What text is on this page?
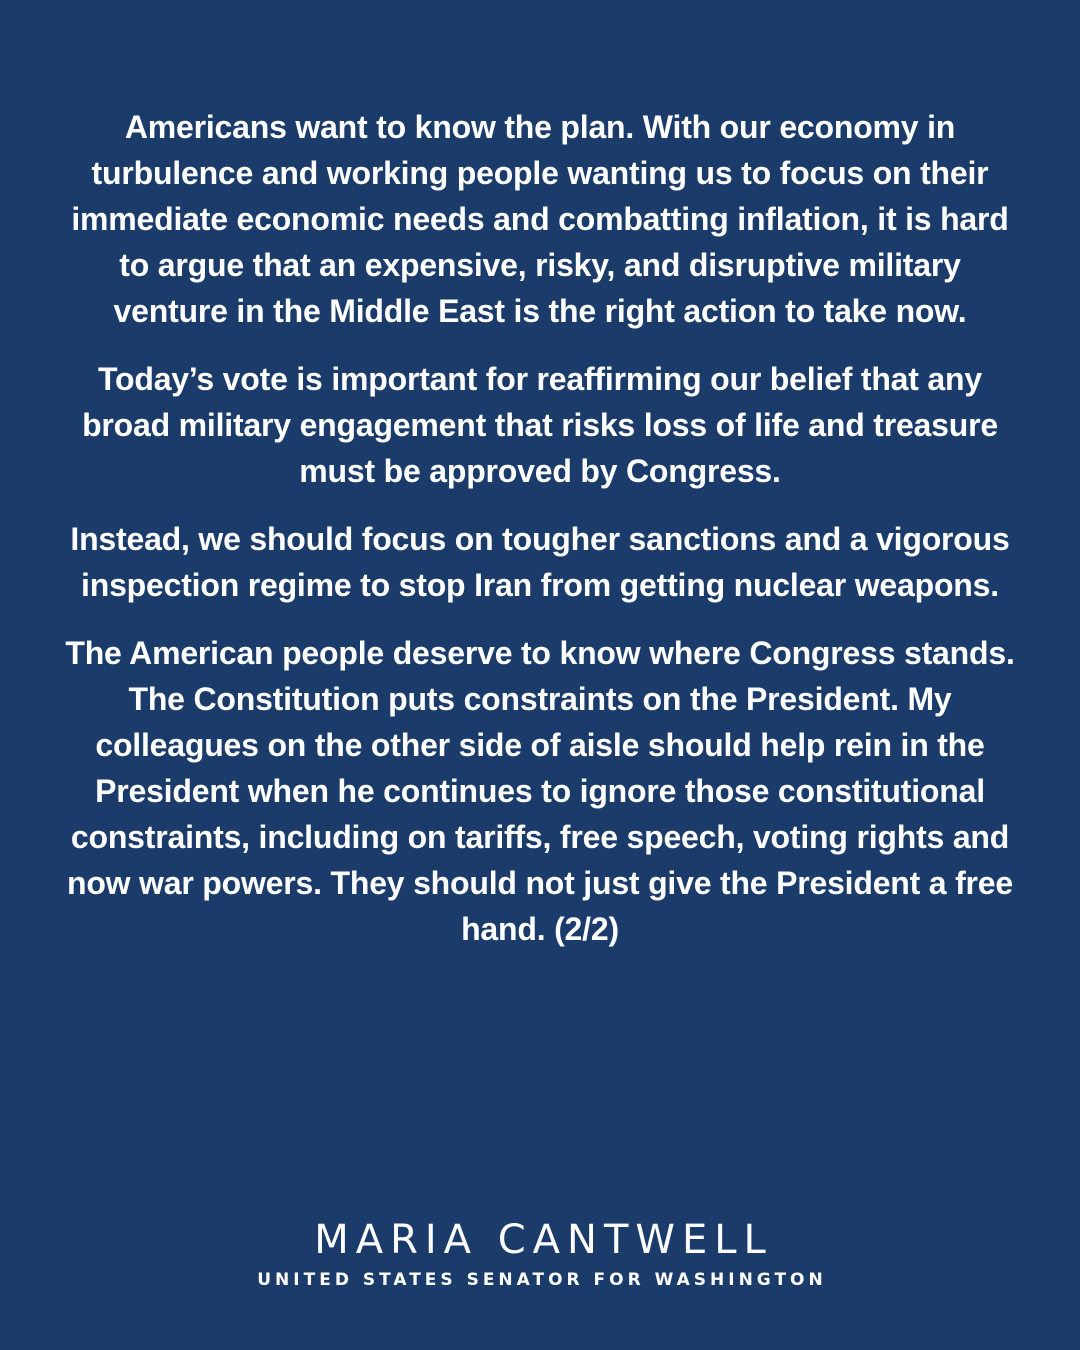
Americans want to know the plan. With our economy in turbulence and working people wanting us to focus on their immediate economic needs and combatting inflation, it is hard to argue that an expensive, risky, and disruptive military venture in the Middle East is the right action to take now.

Today’s vote is important for reaffirming our belief that any broad military engagement that risks loss of life and treasure must be approved by Congress.

Instead, we should focus on tougher sanctions and a vigorous inspection regime to stop Iran from getting nuclear weapons.

The American people deserve to know where Congress stands. The Constitution puts constraints on the President. My colleagues on the other side of aisle should help rein in the President when he continues to ignore those constitutional constraints, including on tariffs, free speech, voting rights and now war powers. They should not just give the President a free hand. (2/2)

MARIA CANTWELL
UNITED STATES SENATOR FOR WASHINGTON
